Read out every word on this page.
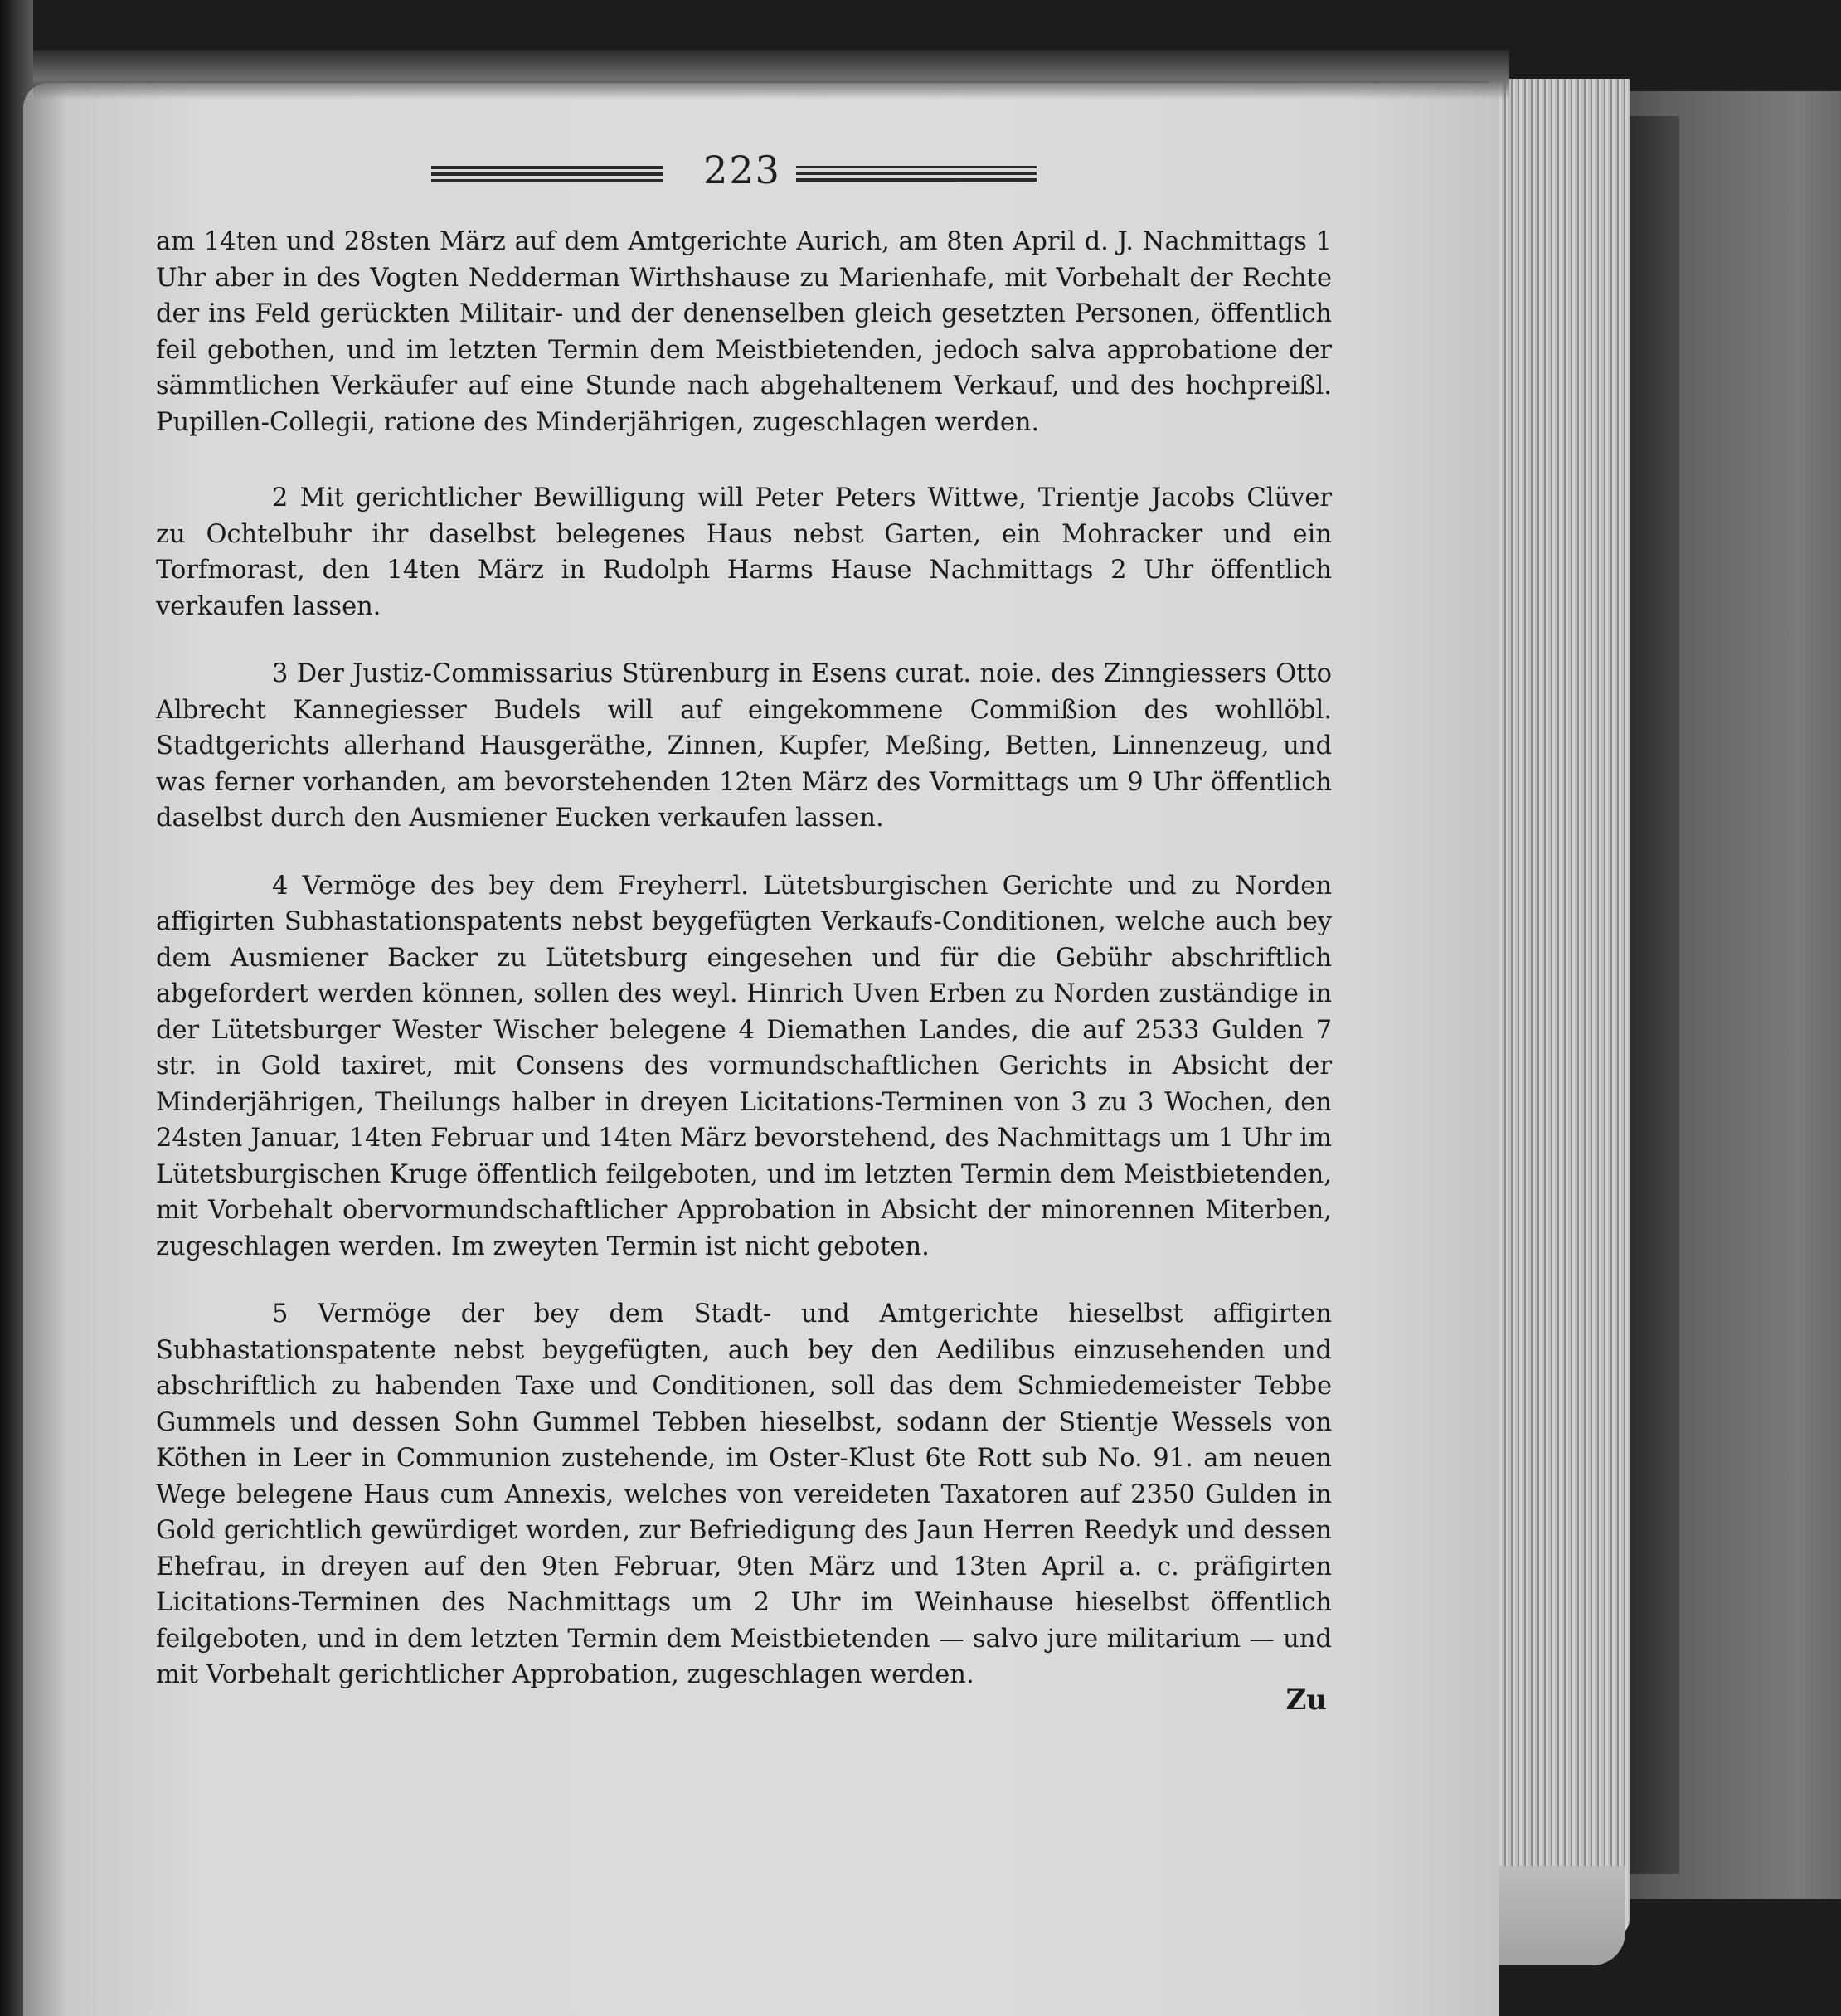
223

am 14ten und 28sten März auf dem Amtgerichte Aurich, am 8ten April d. J. Nachmittags 1 Uhr aber in des Vogten Nedderman Wirthshause zu Marienhafe, mit Vorbehalt der Rechte der ins Feld gerückten Militair- und der denenselben gleich gesetzten Personen, öffentlich feil gebothen, und im letzten Termin dem Meistbietenden, jedoch salva approbatione der sämmtlichen Verkäufer auf eine Stunde nach abgehaltenem Verkauf, und des hochpreißl. Pupillen-Collegii, ratione des Minderjährigen, zugeschlagen werden.

2 Mit gerichtlicher Bewilligung will Peter Peters Wittwe, Trientje Jacobs Clüver zu Ochtelbuhr ihr daselbst belegenes Haus nebst Garten, ein Mohracker und ein Torfmorast, den 14ten März in Rudolph Harms Hause Nachmittags 2 Uhr öffentlich verkaufen lassen.

3 Der Justiz-Commissarius Stürenburg in Esens curat. noie. des Zinngiessers Otto Albrecht Kannegiesser Budels will auf eingekommene Commißion des wohllöbl. Stadtgerichts allerhand Hausgeräthe, Zinnen, Kupfer, Meßing, Betten, Linnenzeug, und was ferner vorhanden, am bevorstehenden 12ten März des Vormittags um 9 Uhr öffentlich daselbst durch den Ausmiener Eucken verkaufen lassen.

4 Vermöge des bey dem Freyherrl. Lütetsburgischen Gerichte und zu Norden affigirten Subhastationspatents nebst beygefügten Verkaufs-Conditionen, welche auch bey dem Ausmiener Backer zu Lütetsburg eingesehen und für die Gebühr abschriftlich abgefordert werden können, sollen des weyl. Hinrich Uven Erben zu Norden zuständige in der Lütetsburger Wester Wischer belegene 4 Diemathen Landes, die auf 2533 Gulden 7 str. in Gold taxiret, mit Consens des vormundschaftlichen Gerichts in Absicht der Minderjährigen, Theilungs halber in dreyen Licitations-Terminen von 3 zu 3 Wochen, den 24sten Januar, 14ten Februar und 14ten März bevorstehend, des Nachmittags um 1 Uhr im Lütetsburgischen Kruge öffentlich feilgeboten, und im letzten Termin dem Meistbietenden, mit Vorbehalt obervormundschaftlicher Approbation in Absicht der minorennen Miterben, zugeschlagen werden. Im zweyten Termin ist nicht geboten.

5 Vermöge der bey dem Stadt- und Amtgerichte hieselbst affigirten Subhastationspatente nebst beygefügten, auch bey den Aedilibus einzusehenden und abschriftlich zu habenden Taxe und Conditionen, soll das dem Schmiedemeister Tebbe Gummels und dessen Sohn Gummel Tebben hieselbst, sodann der Stientje Wessels von Köthen in Leer in Communion zustehende, im Oster-Klust 6te Rott sub No. 91. am neuen Wege belegene Haus cum Annexis, welches von vereideten Taxatoren auf 2350 Gulden in Gold gerichtlich gewürdiget worden, zur Befriedigung des Jaun Herren Reedyk und dessen Ehefrau, in dreyen auf den 9ten Februar, 9ten März und 13ten April a. c. präfigirten Licitations-Terminen des Nachmittags um 2 Uhr im Weinhause hieselbst öffentlich feilgeboten, und in dem letzten Termin dem Meistbietenden — salvo jure militarium — und mit Vorbehalt gerichtlicher Approbation, zugeschlagen werden.

Zu
